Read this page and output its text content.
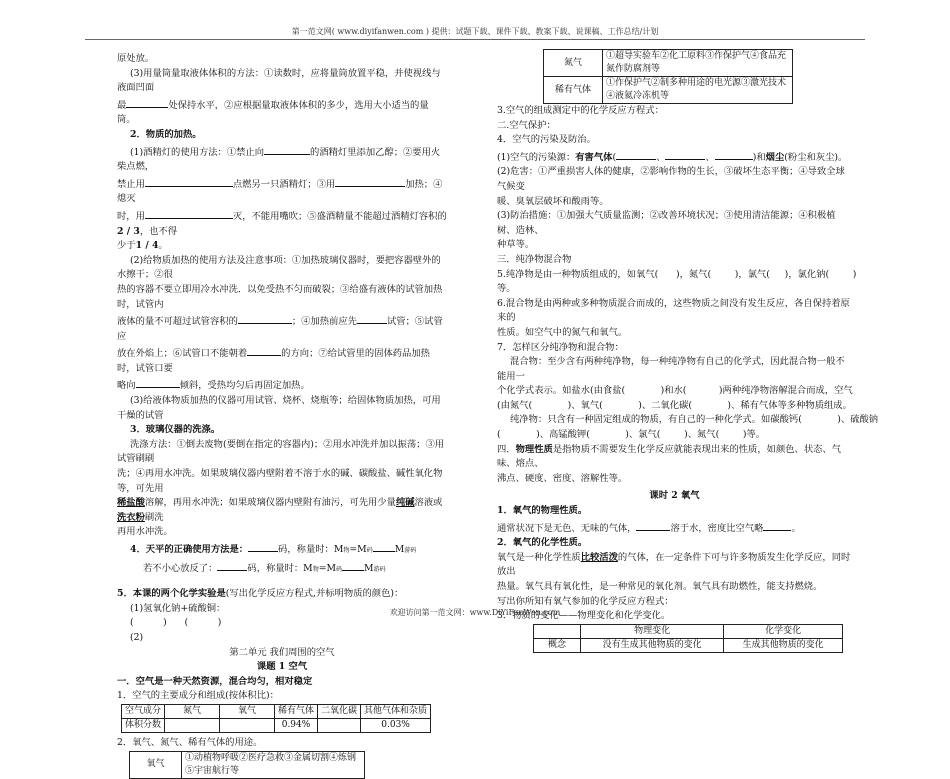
第一范文网( www.diyifanwen.com ) 提供：试题下载、课件下载、教案下载、说课稿、工作总结/计划

原处放。

(3)用量筒量取液体体积的方法：①读数时，应将量筒放置平稳，并使视线与液面凹面

最	处保持水平，②应根据量取液体体积的多少，选用大小适当的量筒。

2．物质的加热。

(1)酒精灯的使用方法：①禁止向	的酒精灯里添加乙醇；②要用火柴点燃，

禁止用	点燃另一只酒精灯；③用	加热；④熄灭

时，用	灭，不能用嘴吹；⑤盛酒精量不能超过酒精灯容积的2 / 3，也不得

少于1 / 4。

(2)给物质加热的使用方法及注意事项：①加热玻璃仪器时，要把容器壁外的水擦干；②很

热的容器不要立即用冷水冲洗．以免受热不匀而破裂；③给盛有液体的试管加热时，试管内

液体的量不可超过试管容积的	；④加热前应先	试管；⑤试管应

放在外焰上；⑥试管口不能朝着	的方向；⑦给试管里的固体药品加热时，试管口要

略向	倾斜，受热均匀后再固定加热。

(3)给液体物质加热的仪器可用试管、烧杯、烧瓶等；给固体物质加热，可用干燥的试管

3．玻璃仪器的洗涤。

洗涤方法：①倒去废物(要倒在指定的容器内)；②用水冲洗并加以振荡；③用试管刷刷

洗；④再用水冲洗。如果玻璃仪器内壁附着不溶于水的碱、碳酸盐、碱性氧化物等，可先用

稀盐酸溶解，再用水冲洗；如果玻璃仪器内壁附有油污，可先用少量纯碱溶液或洗衣粉刷洗

再用水冲洗。

4．天平的正确使用方法是：	码，称量时：M物=M码 M游码

若不小心放反了：	码，称量时：M物=M码 M游码

5．本课的两个化学实验是(写出化学反应方程式,并标明物质的颜色)：

(1)氢氧化钠+硫酸铜：

(          )      (          )

(2)

第二单元 我们周围的空气

课题 1 空气

一．空气是一种天然资源，混合均匀，相对稳定

1．空气的主要成分和组成(按体积比)：

空气成分	氮气	氧气	稀有气体	二氧化碳	其他气体和杂质
体积分数			0.94%		0.03%

2．氧气、氮气、稀有气体的用途。

氧气	①动植物呼吸②医疗急救③金属切割④炼钢⑤宇宙航行等
氮气	①超导实验车②化工原料③作保护气④食品充氮作防腐剂等
稀有气体	①作保护气②制多种用途的电光源③激光技术④液氦冷冻机等

3.空气的组成测定中的化学反应方程式：

二.空气保护：

4．空气的污染及防治。

(1)空气的污染源：有害气体(	、	、	)和烟尘(粉尘和灰尘)。

(2)危害：①严重损害人体的健康，②影响作物的生长，③破坏生态平衡；④导致全球气候变

暖、臭氧层破坏和酸雨等。

(3)防治措施：①加强大气质量监测；②改善环境状况；③使用清洁能源；④积极植树、造林、

种草等。

三．纯净物混合物

5.纯净物是由一种物质组成的，如氧气(      )，氮气(        )，氯气(     )，氯化钠(        )

等。

6.混合物是由两种或多种物质混合而成的，这些物质之间没有发生反应，各自保持着原来的

性质。如空气中的氮气和氧气。

7．怎样区分纯净物和混合物：

混合物：至少含有两种纯净物，每一种纯净物有自己的化学式，因此混合物一般不能用一

个化学式表示。如盐水(由食盐(            )和水(           )两种纯净物溶解混合而成，空气

(由氮气(            )、氧气(            )、二氧化碳(            )、稀有气体等多种物质组成。

纯净物：只含有一种固定组成的物质，有自己的一种化学式。如碳酸钙(            )、硫酸钠

(            )、高锰酸钾(            )、氯气(        )、氮气(        )等。

四．物理性质是指物质不需要发生化学反应就能表现出来的性质，如颜色、状态、气味、熔点、

沸点、硬度、密度、溶解性等。

课时 2 氧气

1．氧气的物理性质。

通常状况下是无色、无味的气体，	溶于水，密度比空气略	。

2．氧气的化学性质。

氧气是一种化学性质比较活泼的气体，在一定条件下可与许多物质发生化学反应，同时放出

热量。氧气具有氧化性，是一种常见的氧化剂。氧气具有助燃性，能支持燃烧。

写出你所知有氧气参加的化学反应方程式：

3．物质的变化——物理变化和化学变化。

	物理变化	化学变化
概念	没有生成其他物质的变化	生成其他物质的变化
欢迎访问第一范文网：www.DiYiFanWen.com
